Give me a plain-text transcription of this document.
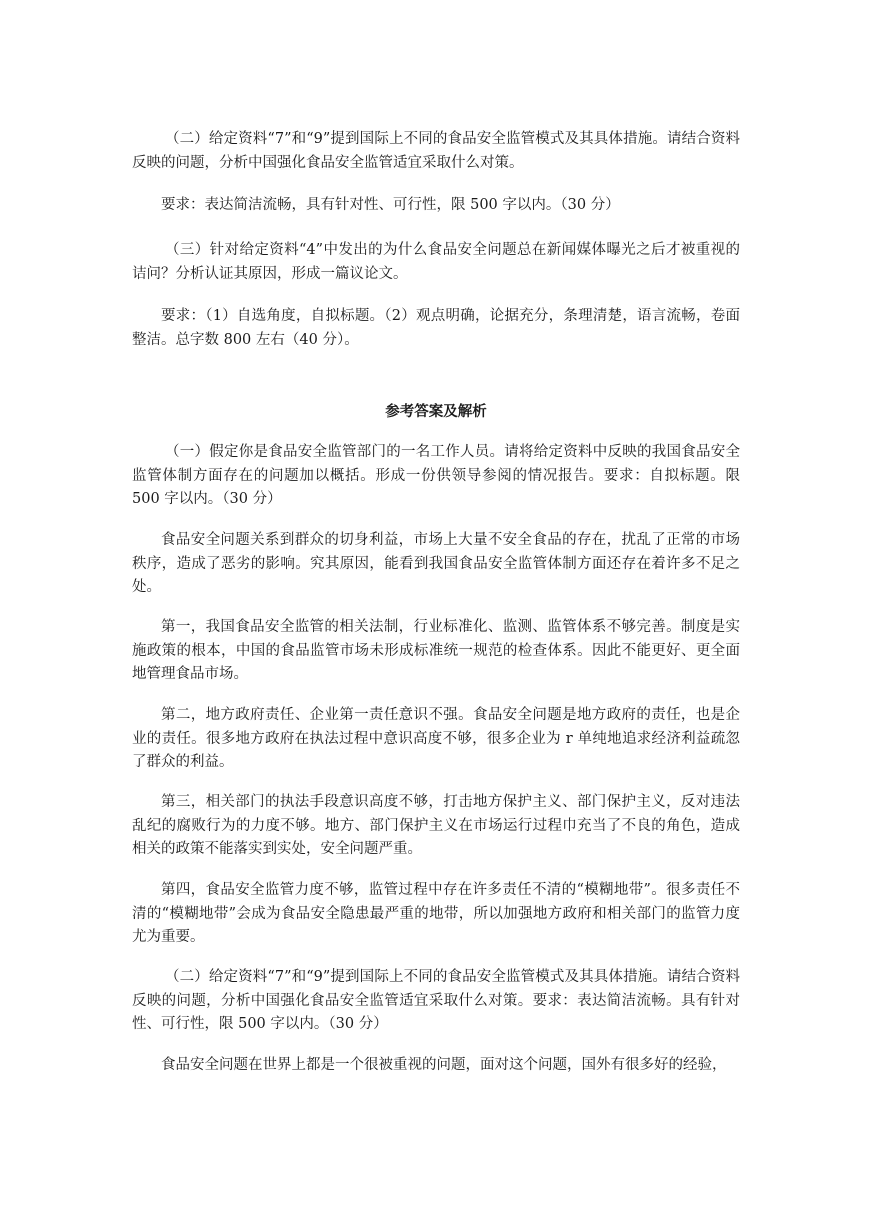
（二）给定资料“7”和“9”提到国际上不同的食品安全监管模式及其具体措施。请结合资料反映的问题，分析中国强化食品安全监管适宜采取什么对策。

要求：表达简洁流畅，具有针对性、可行性，限 500 字以内。（30 分）

（三）针对给定资料“4”中发出的为什么食品安全问题总在新闻媒体曝光之后才被重视的诘问？分析认证其原因，形成一篇议论文。

要求：（1）自选角度，自拟标题。（2）观点明确，论据充分，条理清楚，语言流畅，卷面整洁。总字数 800 左右（40 分）。

参考答案及解析

（一）假定你是食品安全监管部门的一名工作人员。请将给定资料中反映的我国食品安全监管体制方面存在的问题加以概括。形成一份供领导参阅的情况报告。要求：自拟标题。限 500 字以内。（30 分）

食品安全问题关系到群众的切身利益，市场上大量不安全食品的存在，扰乱了正常的市场秩序，造成了恶劣的影响。究其原因，能看到我国食品安全监管体制方面还存在着许多不足之处。

第一，我国食品安全监管的相关法制，行业标准化、监测、监管体系不够完善。制度是实施政策的根本，中国的食品监管市场未形成标准统一规范的检查体系。因此不能更好、更全面地管理食品市场。

第二，地方政府责任、企业第一责任意识不强。食品安全问题是地方政府的责任，也是企业的责任。很多地方政府在执法过程中意识高度不够，很多企业为 r 单纯地追求经济利益疏忽了群众的利益。

第三，相关部门的执法手段意识高度不够，打击地方保护主义、部门保护主义，反对违法乱纪的腐败行为的力度不够。地方、部门保护主义在市场运行过程巾充当了不良的角色，造成相关的政策不能落实到实处，安全问题严重。

第四，食品安全监管力度不够，监管过程中存在许多责任不清的“模糊地带”。很多责任不清的“模糊地带”会成为食品安全隐患最严重的地带，所以加强地方政府和相关部门的监管力度尤为重要。

（二）给定资料“7”和“9”提到国际上不同的食品安全监管模式及其具体措施。请结合资料反映的问题，分析中国强化食品安全监管适宜采取什么对策。要求：表达简洁流畅。具有针对性、可行性，限 500 字以内。（30 分）

食品安全问题在世界上都是一个很被重视的问题，面对这个问题，国外有很多好的经验，
